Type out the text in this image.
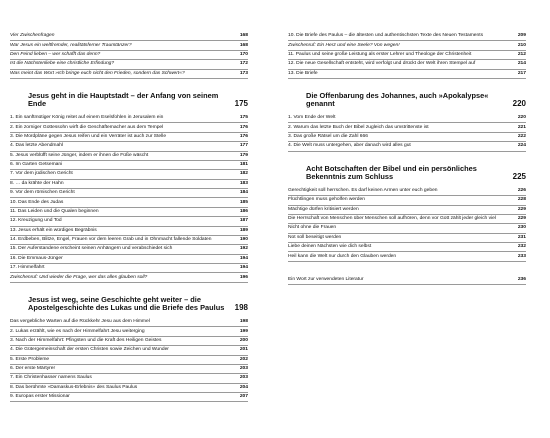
Vier Zwischenfragen	168
War Jesus ein weltfremder, realitätsferner Traumtänzer?	168
Den Feind lieben – wer schafft das denn?	170
Ist die Nächstenliebe eine christliche Erfindung?	172
Was meint das Wort »Ich bringe euch nicht den Frieden, sondern das Schwert«?	173
Jesus geht in die Hauptstadt – der Anfang von seinem Ende	175
1. Ein sanftmütiger König reitet auf einem Eselsfohlen in Jerusalem ein	175
2. Ein zorniger Gottessohn wirft die Geschäftemacher aus dem Tempel	176
3. Die Mordpläne gegen Jesus reifen und ein Verräter ist auch zur Stelle	176
4. Das letzte Abendmahl	177
5. Jesus verblüfft seine Jünger, indem er ihnen die Füße wäscht	179
6. Im Garten Getsemani	181
7. Vor dem jüdischen Gericht	182
8. … da krähte der Hahn	183
9. Vor dem römischen Gericht	184
10. Das Ende des Judas	185
11. Das Leiden und die Qualen beginnen	186
12. Kreuzigung und Tod	187
13. Jesus erhält ein würdiges Begräbnis	189
14. Erdbeben, Blitze, Engel, Frauen vor dem leeren Grab und in Ohnmacht fallende Soldaten	190
15. Der Auferstandene erscheint seinen Anhängern und verabschiedet sich	192
16. Die Emmaus-Jünger	194
17. Himmelfahrt	194
Zwischenruf: Und wieder die Frage, wer das alles glauben soll?	196
Jesus ist weg, seine Geschichte geht weiter – die Apostelgeschichte des Lukas und die Briefe des Paulus	198
Das vergebliche Warten auf die Rückkehr Jesu aus dem Himmel	198
2. Lukas erzählt, wie es nach der Himmelfahrt Jesu weiterging	199
3. Nach der Himmelfahrt: Pfingsten und die Kraft des Heiligen Geistes	200
4. Die Gütergemeinschaft der ersten Christen sowie Zeichen und Wunder	201
5. Erste Probleme	202
6. Der erste Märtyrer	203
7. Ein Christenhasser namens Saulus	203
8. Das berühmte »Damaskus-Erlebnis« des Saulus Paulus	204
9. Europas erster Missionar	207
10. Die Briefe des Paulus – die ältesten und authentischsten Texte des Neuen Testaments	209
Zwischenruf: Ein Herz und eine Seele? Von wegen!	210
11. Paulus und seine große Leistung als erster Lehrer und Theologe der Christenheit	212
12. Die neue Gesellschaft entsteht, wird verfolgt und drückt der Welt ihren Stempel auf	214
13. Die Briefe	217
Die Offenbarung des Johannes, auch »Apokalypse« genannt	220
1. Vom Ende der Welt	220
2. Warum das letzte Buch der Bibel zugleich das umstrittenste ist	221
3. Das große Rätsel um die Zahl 666	222
4. Die Welt muss untergehen, aber danach wird alles gut	224
Acht Botschaften der Bibel und ein persönliches Bekenntnis zum Schluss	225
Gerechtigkeit soll herrschen. Es darf keinen Armen unter euch geben	226
Flüchtlingen muss geholfen werden	228
Mächtige dürfen kritisiert werden	229
Die Herrschaft von Menschen über Menschen soll aufhören, denn vor Gott zählt jeder gleich viel	229
Nicht ohne die Frauen	230
Not soll beseitigt werden	231
Liebe deinen Nächsten wie dich selbst	232
Heil kann die Welt nur durch den Glauben werden	233
Ein Wort zur verwendeten Literatur	236
